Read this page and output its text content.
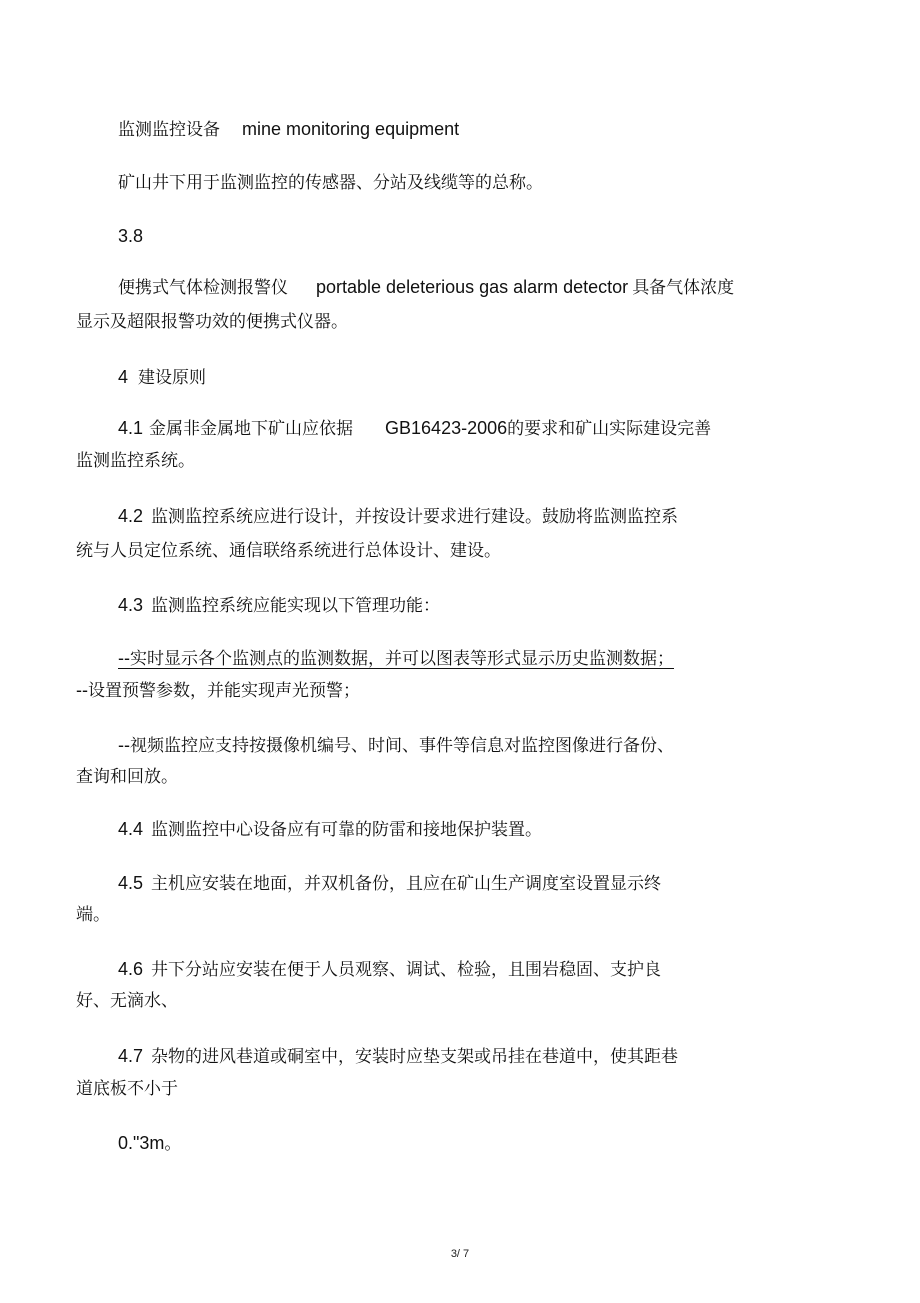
监测监控设备 mine monitoring equipment
矿山井下用于监测监控的传感器、分站及线缆等的总称。
3.8
便携式气体检测报警仪 portable deleterious gas alarm detector 具备气体浓度
显示及超限报警功效的便携式仪器。
4 建设原则
4.1 金属非金属地下矿山应依据 GB16423-2006的要求和矿山实际建设完善
监测监控系统。
4.2 监测监控系统应进行设计，并按设计要求进行建设。鼓励将监测监控系
统与人员定位系统、通信联络系统进行总体设计、建设。
4.3 监测监控系统应能实现以下管理功能：
--实时显示各个监测点的监测数据，并可以图表等形式显示历史监测数据；
--设置预警参数，并能实现声光预警；
--视频监控应支持按摄像机编号、时间、事件等信息对监控图像进行备份、
查询和回放。
4.4 监测监控中心设备应有可靠的防雷和接地保护装置。
4.5 主机应安装在地面，并双机备份，且应在矿山生产调度室设置显示终
端。
4.6 井下分站应安装在便于人员观察、调试、检验，且围岩稳固、支护良
好、无滴水、
4.7 杂物的进风巷道或硐室中，安装时应垫支架或吊挂在巷道中，使其距巷
道底板不小于
0."3m。
3/ 7
